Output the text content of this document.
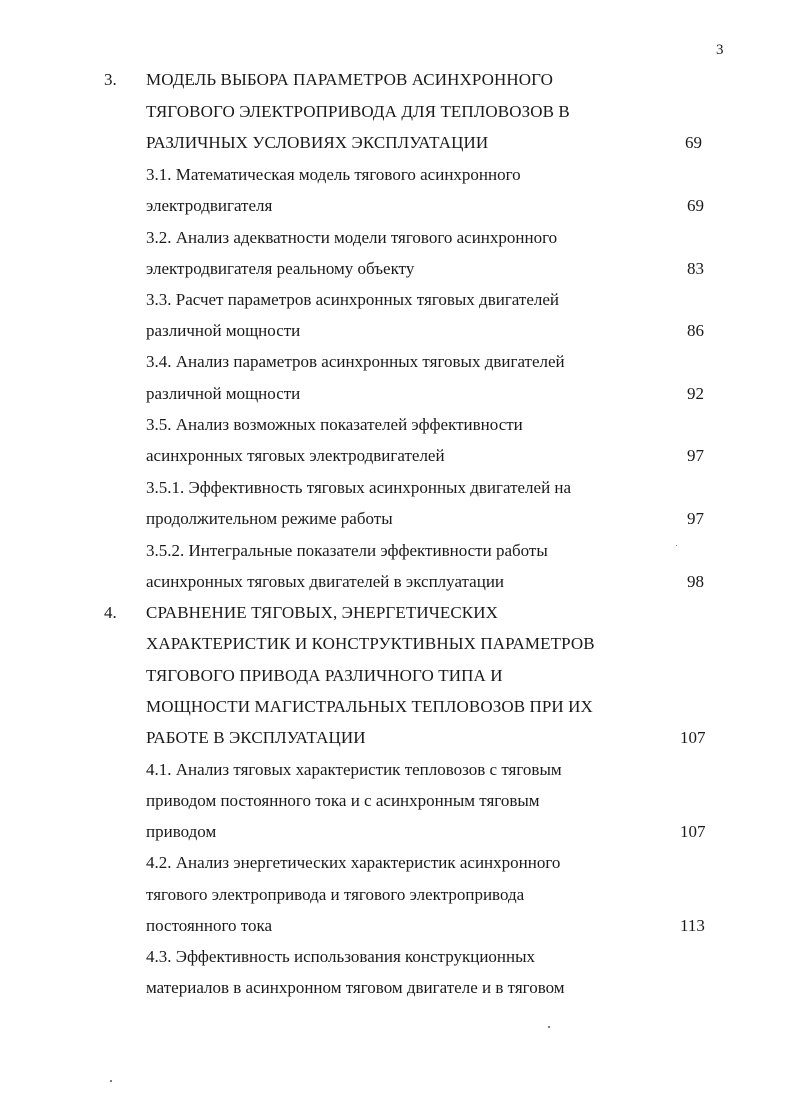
3
3. МОДЕЛЬ ВЫБОРА ПАРАМЕТРОВ АСИНХРОННОГО
ТЯГОВОГО ЭЛЕКТРОПРИВОДА ДЛЯ ТЕПЛОВОЗОВ В
РАЗЛИЧНЫХ УСЛОВИЯХ ЭКСПЛУАТАЦИИ	69
3.1. Математическая модель тягового асинхронного
электродвигателя	69
3.2. Анализ адекватности модели тягового асинхронного
электродвигателя реальному объекту	83
3.3. Расчет параметров асинхронных тяговых двигателей
различной мощности	86
3.4. Анализ параметров асинхронных тяговых двигателей
различной мощности	92
3.5. Анализ возможных показателей эффективности
асинхронных тяговых электродвигателей	97
3.5.1. Эффективность тяговых асинхронных двигателей на
продолжительном режиме работы	97
3.5.2. Интегральные показатели эффективности работы
асинхронных тяговых двигателей в эксплуатации	98
4. СРАВНЕНИЕ ТЯГОВЫХ, ЭНЕРГЕТИЧЕСКИХ
ХАРАКТЕРИСТИК И КОНСТРУКТИВНЫХ ПАРАМЕТРОВ
ТЯГОВОГО ПРИВОДА РАЗЛИЧНОГО ТИПА И
МОЩНОСТИ МАГИСТРАЛЬНЫХ ТЕПЛОВОЗОВ ПРИ ИХ
РАБОТЕ В ЭКСПЛУАТАЦИИ	107
4.1. Анализ тяговых характеристик тепловозов с тяговым
приводом постоянного тока и с асинхронным тяговым
приводом	107
4.2. Анализ энергетических характеристик асинхронного
тягового электропривода и тягового электропривода
постоянного тока	113
4.3. Эффективность использования конструкционных
материалов в асинхронном тяговом двигателе и в тяговом
